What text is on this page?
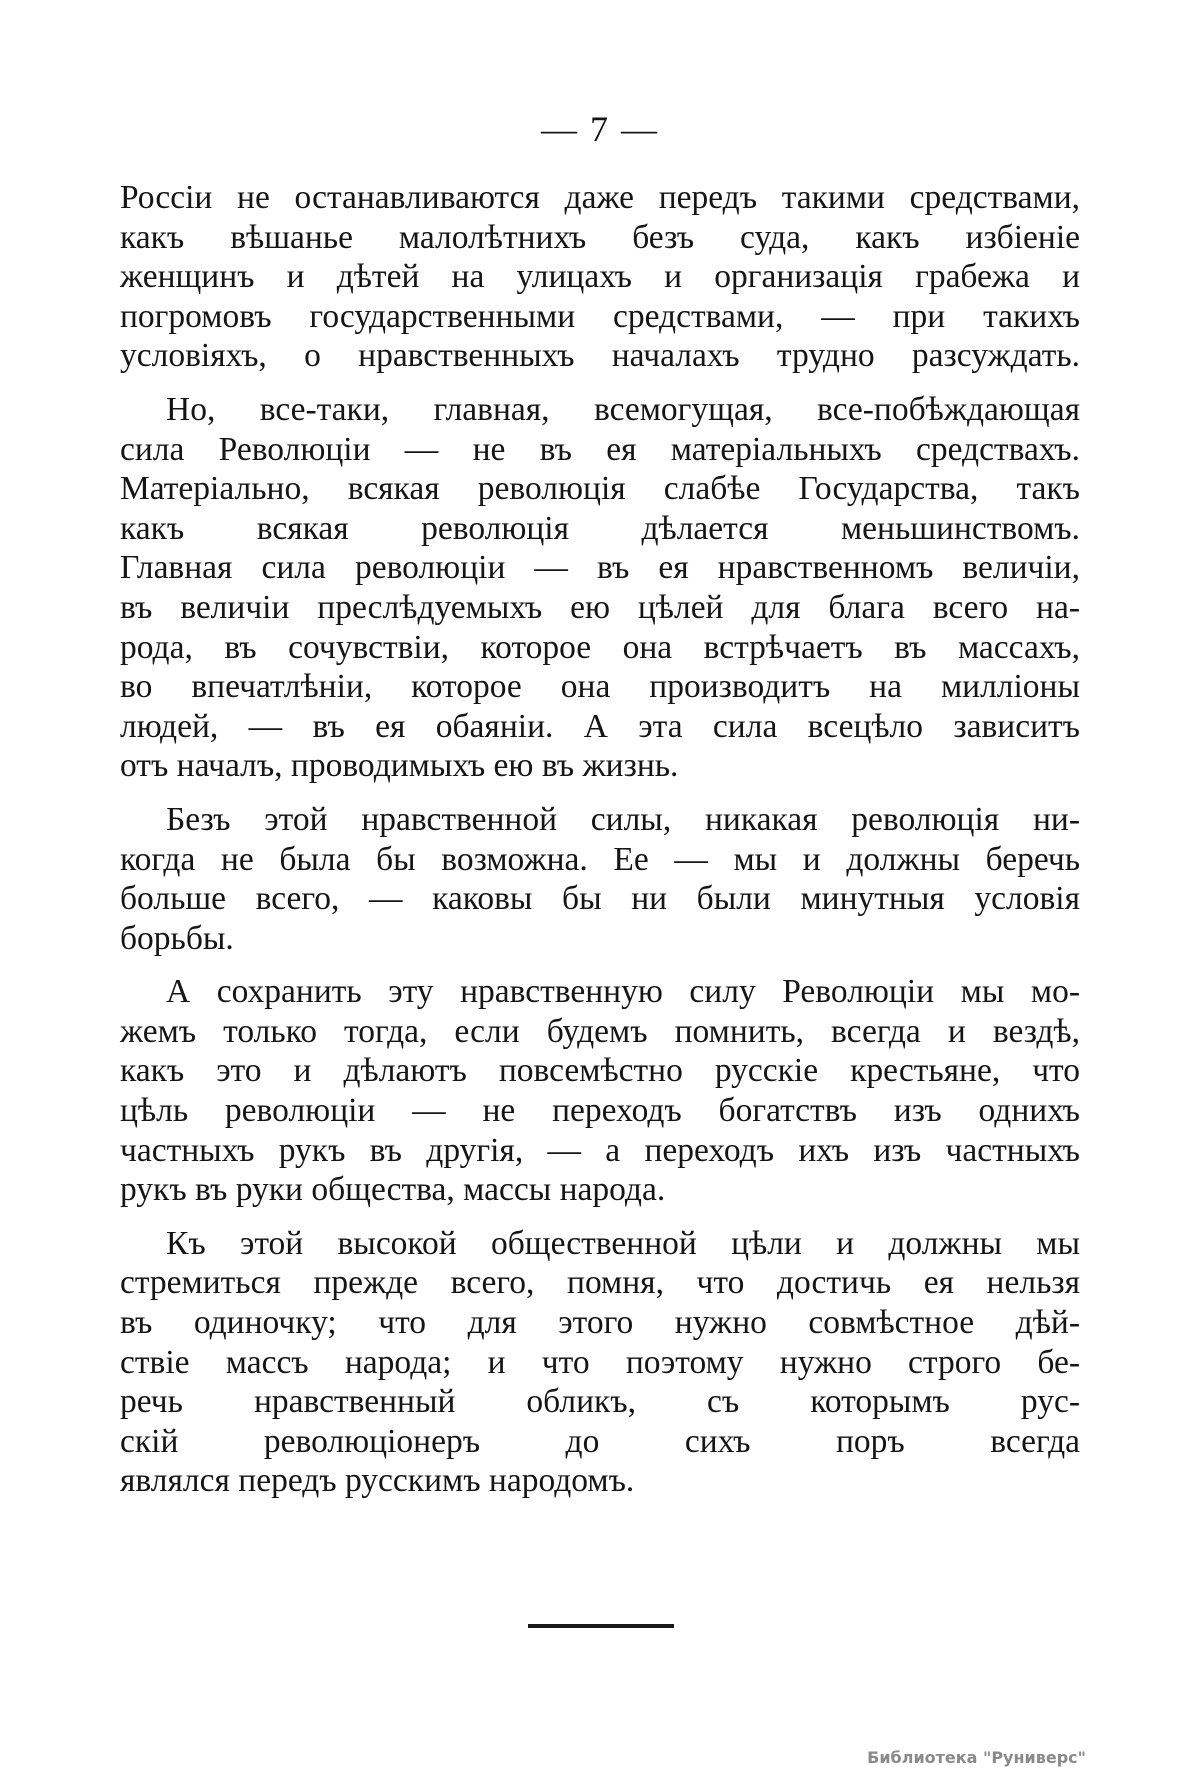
— 7 —
Россіи не останавливаются даже передъ такими средствами,
какъ вѣшанье малолѣтнихъ безъ суда, какъ избіеніе
женщинъ и дѣтей на улицахъ и организація грабежа и
погромовъ государственными средствами, — при такихъ
условіяхъ, о нравственныхъ началахъ трудно разсуждать.
Но, все-таки, главная, всемогущая, все-побѣждающая
сила Революціи — не въ ея матеріальныхъ средствахъ.
Матеріально, всякая революція слабѣе Государства, такъ
какъ всякая революція дѣлается меньшинствомъ.
Главная сила революціи — въ ея нравственномъ величіи,
въ величіи преслѣдуемыхъ ею цѣлей для блага всего на-
рода, въ сочувствіи, которое она встрѣчаетъ въ массахъ,
во впечатлѣніи, которое она производитъ на милліоны
людей, — въ ея обаяніи. А эта сила всецѣло зависитъ
отъ началъ, проводимыхъ ею въ жизнь.
Безъ этой нравственной силы, никакая революція ни-
когда не была бы возможна. Ее — мы и должны беречь
больше всего, — каковы бы ни были минутныя условія
борьбы.
А сохранить эту нравственную силу Революціи мы мо-
жемъ только тогда, если будемъ помнить, всегда и вездѣ,
какъ это и дѣлаютъ повсемѣстно русскіе крестьяне, что
цѣль революціи — не переходъ богатствъ изъ однихъ
частныхъ рукъ въ другія, — а переходъ ихъ изъ частныхъ
рукъ въ руки общества, массы народа.
Къ этой высокой общественной цѣли и должны мы
стремиться прежде всего, помня, что достичь ея нельзя
въ одиночку; что для этого нужно совмѣстное дѣй-
ствіе массъ народа; и что поэтому нужно строго бе-
речь нравственный обликъ, съ которымъ рус-
скій революціонеръ до сихъ поръ всегда
являлся передъ русскимъ народомъ.
Библиотека "Руниверс"
